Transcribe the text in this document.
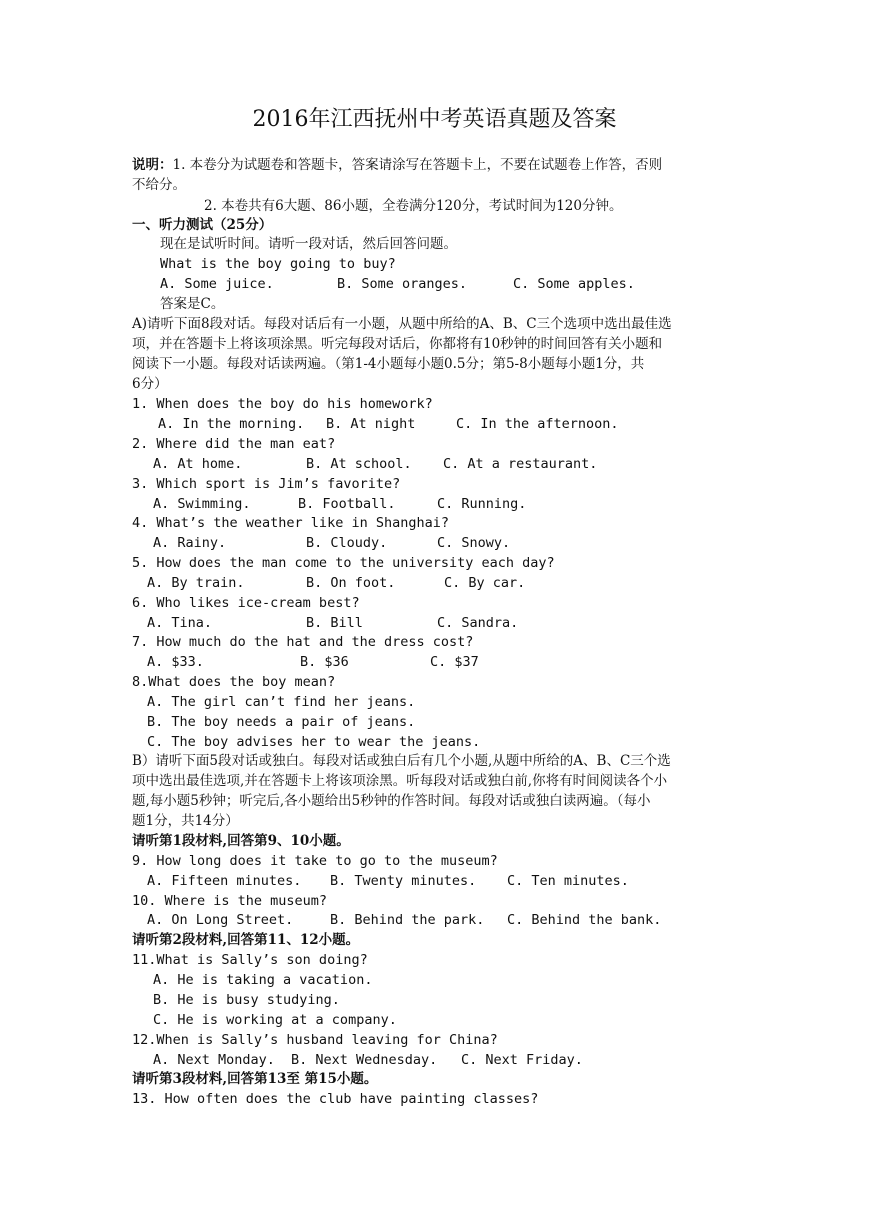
2016年江西抚州中考英语真题及答案
说明：1. 本卷分为试题卷和答题卡，答案请涂写在答题卡上，不要在试题卷上作答，否则
不给分。
2. 本卷共有6大题、86小题，全卷满分120分，考试时间为120分钟。
一、听力测试（25分）
现在是试听时间。请听一段对话，然后回答问题。
What is the boy going to buy?
A. Some juice.	B. Some oranges.	C. Some apples.
答案是C。
A)请听下面8段对话。每段对话后有一小题，从题中所给的A、B、C三个选项中选出最佳选
项，并在答题卡上将该项涂黑。听完每段对话后，你都将有10秒钟的时间回答有关小题和
阅读下一小题。每段对话读两遍。（第1-4小题每小题0.5分；第5-8小题每小题1分，共
6分）
1. When does the boy do his homework?
A. In the morning. B. At night	C. In the afternoon.
2. Where did the man eat?
A. At home.	B. At school. C. At a restaurant.
3. Which sport is Jim’s favorite?
A. Swimming.	B. Football.	C. Running.
4. What’s the weather like in Shanghai?
A. Rainy.	B. Cloudy.	C. Snowy.
5. How does the man come to the university each day?
A. By train.	B. On foot.	C. By car.
6. Who likes ice-cream best?
A. Tina.	B. Bill	C. Sandra.
7. How much do the hat and the dress cost?
A. $33.	B. $36	C. $37
8.What does the boy mean?
A. The girl can’t find her jeans.
B. The boy needs a pair of jeans.
C. The boy advises her to wear the jeans.
B）请听下面5段对话或独白。每段对话或独白后有几个小题,从题中所给的A、B、C三个选
项中选出最佳选项,并在答题卡上将该项涂黑。听每段对话或独白前,你将有时间阅读各个小
题,每小题5秒钟；听完后,各小题给出5秒钟的作答时间。每段对话或独白读两遍。（每小
题1分，共14分）
请听第1段材料,回答第9、10小题。
9. How long does it take to go to the museum?
A. Fifteen minutes. B. Twenty minutes. C. Ten minutes.
10. Where is the museum?
A. On Long Street.	B. Behind the park. C. Behind the bank.
请听第2段材料,回答第11、12小题。
11.What is Sally’s son doing?
A. He is taking a vacation.
B. He is busy studying.
C. He is working at a company.
12.When is Sally’s husband leaving for China?
A. Next Monday. B. Next Wednesday. C. Next Friday.
请听第3段材料,回答第13至 第15小题。
13. How often does the club have painting classes?
